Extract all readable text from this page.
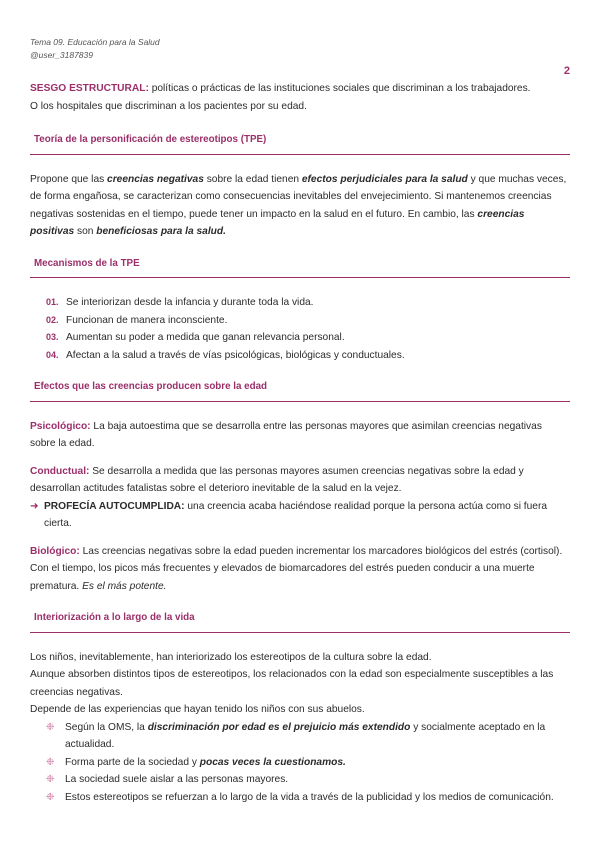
Tema 09. Educación para la Salud
@user_3187839
2

SESGO ESTRUCTURAL: políticas o prácticas de las instituciones sociales que discriminan a los trabajadores.

O los hospitales que discriminan a los pacientes por su edad.

Teoría de la personificación de estereotipos (TPE)

Propone que las creencias negativas sobre la edad tienen efectos perjudiciales para la salud y que muchas veces, de forma engañosa, se caracterizan como consecuencias inevitables del envejecimiento. Si mantenemos creencias negativas sostenidas en el tiempo, puede tener un impacto en la salud en el futuro. En cambio, las creencias positivas son beneficiosas para la salud.

Mecanismos de la TPE
01. Se interiorizan desde la infancia y durante toda la vida.
02. Funcionan de manera inconsciente.
03. Aumentan su poder a medida que ganan relevancia personal.
04. Afectan a la salud a través de vías psicológicas, biológicas y conductuales.
Efectos que las creencias producen sobre la edad

Psicológico: La baja autoestima que se desarrolla entre las personas mayores que asimilan creencias negativas sobre la edad.

Conductual: Se desarrolla a medida que las personas mayores asumen creencias negativas sobre la edad y desarrollan actitudes fatalistas sobre el deterioro inevitable de la salud en la vejez.

➜ PROFECÍA AUTOCUMPLIDA: una creencia acaba haciéndose realidad porque la persona actúa como si fuera cierta.

Biológico: Las creencias negativas sobre la edad pueden incrementar los marcadores biológicos del estrés (cortisol). Con el tiempo, los picos más frecuentes y elevados de biomarcadores del estrés pueden conducir a una muerte prematura. Es el más potente.

Interiorización a lo largo de la vida

Los niños, inevitablemente, han interiorizado los estereotipos de la cultura sobre la edad.

Aunque absorben distintos tipos de estereotipos, los relacionados con la edad son especialmente susceptibles a las creencias negativas.

Depende de las experiencias que hayan tenido los niños con sus abuelos.

❉	Según la OMS, la discriminación por edad es el prejuicio más extendido y socialmente aceptado en la actualidad.
❉	Forma parte de la sociedad y pocas veces la cuestionamos.
❉	La sociedad suele aislar a las personas mayores.
❉	Estos estereotipos se refuerzan a lo largo de la vida a través de la publicidad y los medios de comunicación.
